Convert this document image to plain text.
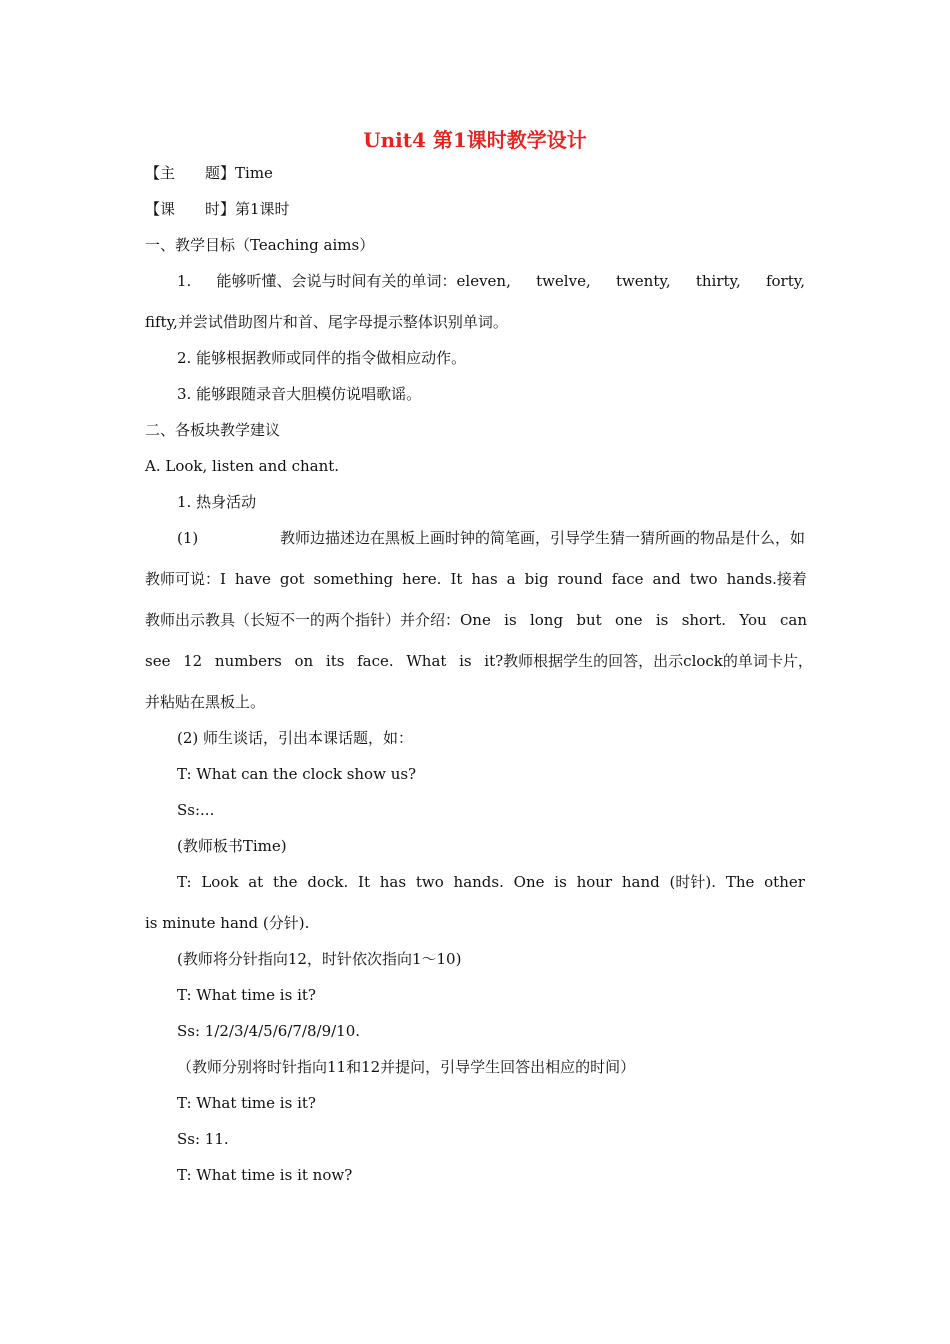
Unit4 第1课时教学设计
【主　　题】Time
【课　　时】第1课时
一、教学目标（Teaching aims）
1. 能够听懂、会说与时间有关的单词：eleven, twelve, twenty, thirty, forty,
fifty,并尝试借助图片和首、尾字母提示整体识别单词。
2. 能够根据教师或同伴的指令做相应动作。
3. 能够跟随录音大胆模仿说唱歌谣。
二、各板块教学建议
A. Look, listen and chant.
1. 热身活动
(1)	教师边描述边在黑板上画时钟的简笔画，引导学生猜一猜所画的物品是什么，如
教师可说：I have got something here. It has a big round face and two hands.接着
教师出示教具（长短不一的两个指针）并介绍：One is long but one is short. You can
see 12 numbers on its face. What is it?教师根据学生的回答，出示clock的单词卡片，
并粘贴在黑板上。
(2) 师生谈话，引出本课话题，如：
T: What can the clock show us?
Ss:...
(教师板书Time)
T: Look at the dock. It has two hands. One is hour hand (时针). The other
is minute hand (分针).
(教师将分针指向12，时针依次指向1～10)
T: What time is it?
Ss: 1/2/3/4/5/6/7/8/9/10.
（教师分别将时针指向11和12并提问，引导学生回答出相应的时间）
T: What time is it?
Ss: 11.
T: What time is it now?
